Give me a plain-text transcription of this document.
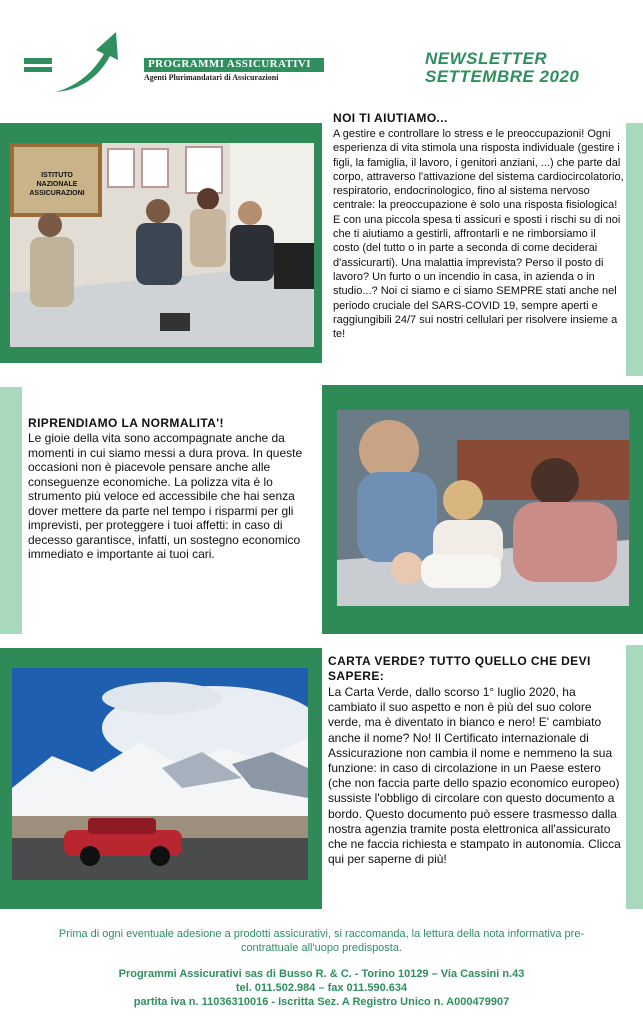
PROGRAMMI ASSICURATIVI
Agenti Plurimandatari di Assicurazioni
NEWSLETTER
SETTEMBRE 2020
ISTITUTO NAZIONALE ASSICURAZIONI
NOI TI AIUTIAMO...
A gestire e controllare lo stress e le preoccupazioni! Ogni esperienza di vita stimola una risposta individuale (gestire i figli, la famiglia, il lavoro, i genitori anziani, ...) che parte dal corpo, attraverso l'attivazione del sistema cardiocircolatorio, respiratorio, endocrinologico, fino al sistema nervoso centrale: la preoccupazione è solo una risposta fisiologica! E con una piccola spesa ti assicuri e sposti i rischi su di noi che ti aiutiamo a gestirli, affrontarli e ne rimborsiamo il costo (del tutto o in parte a seconda di come deciderai d'assicurarti). Una malattia imprevista? Perso il posto di lavoro? Un furto o un incendio in casa, in azienda o in studio...? Noi ci siamo e ci siamo SEMPRE stati anche nel periodo cruciale del SARS-COVID 19, sempre aperti e raggiungibili 24/7 sui nostri cellulari per risolvere insieme a te!
RIPRENDIAMO LA NORMALITA'!
Le gioie della vita sono accompagnate anche da momenti in cui siamo messi a dura prova. In queste occasioni non è piacevole pensare anche alle conseguenze economiche. La polizza vita è lo strumento più veloce ed accessibile che hai senza dover mettere da parte nel tempo i risparmi per gli imprevisti, per proteggere i tuoi affetti: in caso di decesso garantisce, infatti, un sostegno economico immediato e importante ai tuoi cari.
CARTA VERDE? TUTTO QUELLO CHE DEVI SAPERE:
La Carta Verde, dallo scorso 1° luglio 2020, ha cambiato il suo aspetto e non è più del suo colore verde, ma è diventato in bianco e nero! E' cambiato anche il nome? No! Il Certificato internazionale di Assicurazione non cambia il nome e nemmeno la sua funzione: in caso di circolazione in un Paese estero (che non faccia parte dello spazio economico europeo) sussiste l'obbligo di circolare con questo documento a bordo. Questo documento può essere trasmesso dalla nostra agenzia tramite posta elettronica all'assicurato che ne faccia richiesta e stampato in autonomia. Clicca qui per saperne di più!
Prima di ogni eventuale adesione a prodotti assicurativi, si raccomanda, la lettura della nota informativa pre-contrattuale all'uopo predisposta.
Programmi Assicurativi sas di Busso R. & C. - Torino 10129 – Via Cassini n.43
tel. 011.502.984 – fax 011.590.634
partita iva n. 11036310016 - Iscritta Sez. A Registro Unico n. A000479907
